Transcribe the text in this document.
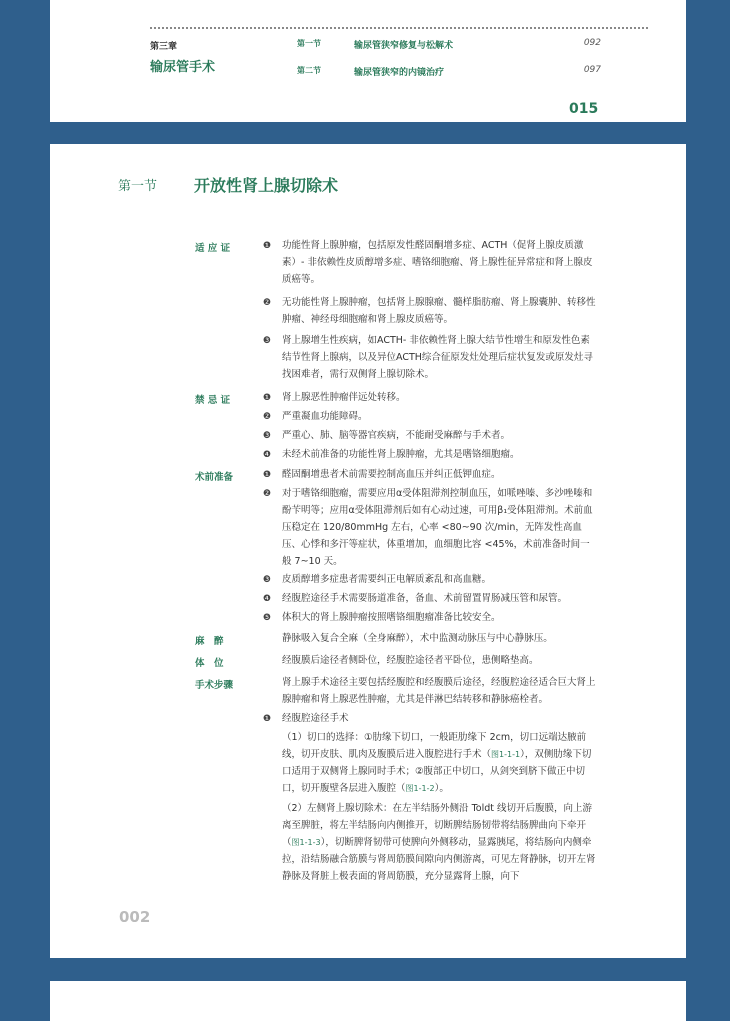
第三章
输尿管手术
第一节	输尿管狭窄修复与松解术	092
第二节	输尿管狭窄的内镜治疗	097
015
第一节 开放性肾上腺切除术
适 应 证	❶ 功能性肾上腺肿瘤，包括原发性醛固酮增多症、ACTH（促肾上腺皮质激素）- 非依赖性皮质醇增多症、嗜铬细胞瘤、肾上腺性征异常症和肾上腺皮质癌等。
❷ 无功能性肾上腺肿瘤，包括肾上腺腺瘤、髓样脂肪瘤、肾上腺囊肿、转移性肿瘤、神经母细胞瘤和肾上腺皮质癌等。
❸ 肾上腺增生性疾病，如ACTH- 非依赖性肾上腺大结节性增生和原发性色素结节性肾上腺病，以及异位ACTH综合征原发灶处理后症状复发或原发灶寻找困难者，需行双侧肾上腺切除术。
禁 忌 证	❶ 肾上腺恶性肿瘤伴远处转移。
❷ 严重凝血功能障碍。
❸ 严重心、肺、脑等器官疾病，不能耐受麻醉与手术者。
❹ 未经术前准备的功能性肾上腺肿瘤，尤其是嗜铬细胞瘤。
术前准备	❶ 醛固酮增患者术前需要控制高血压并纠正低钾血症。
❷ 对于嗜铬细胞瘤，需要应用α受体阻滞剂控制血压，如哌唑嗪、多沙唑嗪和酚苄明等；应用α受体阻滞剂后如有心动过速，可用β₁受体阻滞剂。术前血压稳定在 120/80mmHg 左右，心率 <80~90 次/min，无阵发性高血压、心悸和多汗等症状，体重增加，血细胞比容 <45%，术前准备时间一般 7~10 天。
❸ 皮质醇增多症患者需要纠正电解质紊乱和高血糖。
❹ 经腹腔途径手术需要肠道准备，备血、术前留置胃肠减压管和尿管。
❺ 体积大的肾上腺肿瘤按照嗜铬细胞瘤准备比较安全。
麻　醉	静脉吸入复合全麻（全身麻醉），术中监测动脉压与中心静脉压。
体　位	经腹膜后途径者侧卧位，经腹腔途径者平卧位，患侧略垫高。
手术步骤	肾上腺手术途径主要包括经腹腔和经腹膜后途径，经腹腔途径适合巨大肾上腺肿瘤和肾上腺恶性肿瘤，尤其是伴淋巴结转移和静脉癌栓者。
❶ 经腹腔途径手术
（1）切口的选择：①肋缘下切口，一般距肋缘下 2cm，切口远端达腋前线，切开皮肤、肌肉及腹膜后进入腹腔进行手术（图1-1-1），双侧肋缘下切口适用于双侧肾上腺同时手术；②腹部正中切口，从剑突到脐下做正中切口，切开腹壁各层进入腹腔（图1-1-2）。
（2）左侧肾上腺切除术：在左半结肠外侧沿 Toldt 线切开后腹膜，向上游离至脾脏，将左半结肠向内侧推开，切断脾结肠韧带将结肠脾曲向下牵开（图1-1-3），切断脾肾韧带可使脾向外侧移动，显露胰尾，将结肠向内侧牵拉，沿结肠融合筋膜与肾周筋膜间隙向内侧游离，可见左肾静脉，切开左肾静脉及肾脏上极表面的肾周筋膜，充分显露肾上腺，向下
002
